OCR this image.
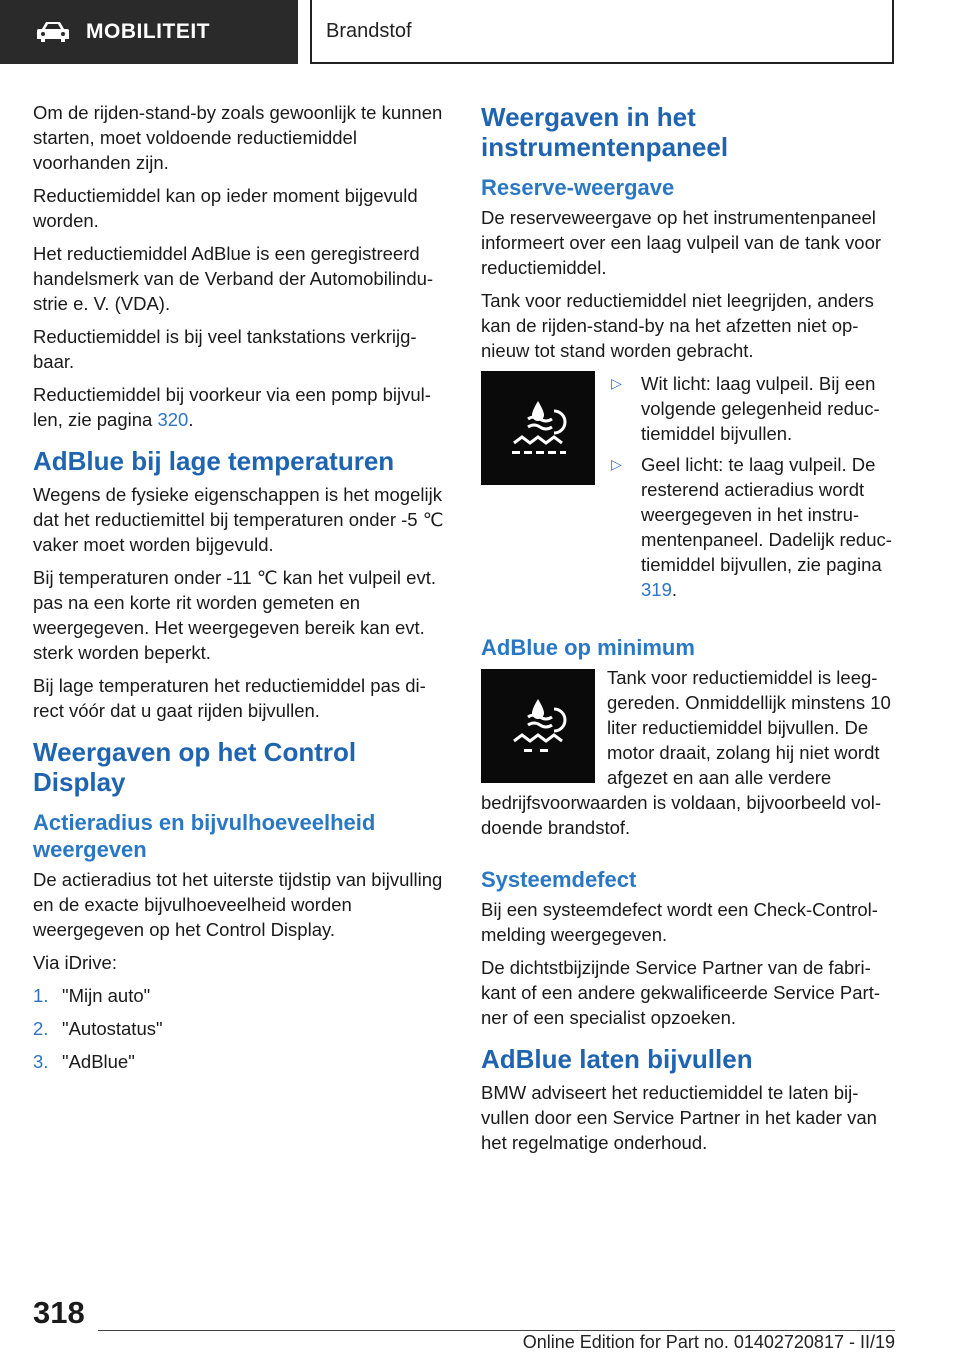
MOBILITEIT	Brandstof

Om de rijden-stand-by zoals gewoonlijk te kunnen starten, moet voldoende reductiemiddel voorhanden zijn.

Reductiemiddel kan op ieder moment bijgevuld worden.

Het reductiemiddel AdBlue is een geregistreerd handelsmerk van de Verband der Automobilindustrie e. V. (VDA).

Reductiemiddel is bij veel tankstations verkrijgbaar.

Reductiemiddel bij voorkeur via een pomp bijvullen, zie pagina 320.

AdBlue bij lage temperaturen

Wegens de fysieke eigenschappen is het mogelijk dat het reductiemittel bij temperaturen onder -5 ℃ vaker moet worden bijgevuld.

Bij temperaturen onder -11 ℃ kan het vulpeil evt. pas na een korte rit worden gemeten en weergegeven. Het weergegeven bereik kan evt. sterk worden beperkt.

Bij lage temperaturen het reductiemiddel pas direct vóór dat u gaat rijden bijvullen.

Weergaven op het Control Display
Actieradius en bijvulhoeveelheid weergeven

De actieradius tot het uiterste tijdstip van bijvulling en de exacte bijvulhoeveelheid worden weergegeven op het Control Display.

Via iDrive:

1. "Mijn auto"
2. "Autostatus"
3. "AdBlue"
Weergaven in het instrumentenpaneel
Reserve-weergave

De reserveweergave op het instrumentenpaneel informeert over een laag vulpeil van de tank voor reductiemiddel.

Tank voor reductiemiddel niet leegrijden, anders kan de rijden-stand-by na het afzetten niet opnieuw tot stand worden gebracht.

▷	Wit licht: laag vulpeil. Bij een volgende gelegenheid reductiemiddel bijvullen.
▷	Geel licht: te laag vulpeil. De resterend actieradius wordt weergegeven in het instrumentenpaneel. Dadelijk reductiemiddel bijvullen, zie pagina 319.
AdBlue op minimum

Tank voor reductiemiddel is leeggereden. Onmiddellijk minstens 10 liter reductiemiddel bijvullen. De motor draait, zolang hij niet wordt afgezet en aan alle verdere bedrijfsvoorwaarden is voldaan, bijvoorbeeld voldoende brandstof.

Systeemdefect

Bij een systeemdefect wordt een Check-Control-melding weergegeven.

De dichtstbijzijnde Service Partner van de fabrikant of een andere gekwalificeerde Service Partner of een specialist opzoeken.

AdBlue laten bijvullen

BMW adviseert het reductiemiddel te laten bijvullen door een Service Partner in het kader van het regelmatige onderhoud.

318
Online Edition for Part no. 01402720817 - II/19
